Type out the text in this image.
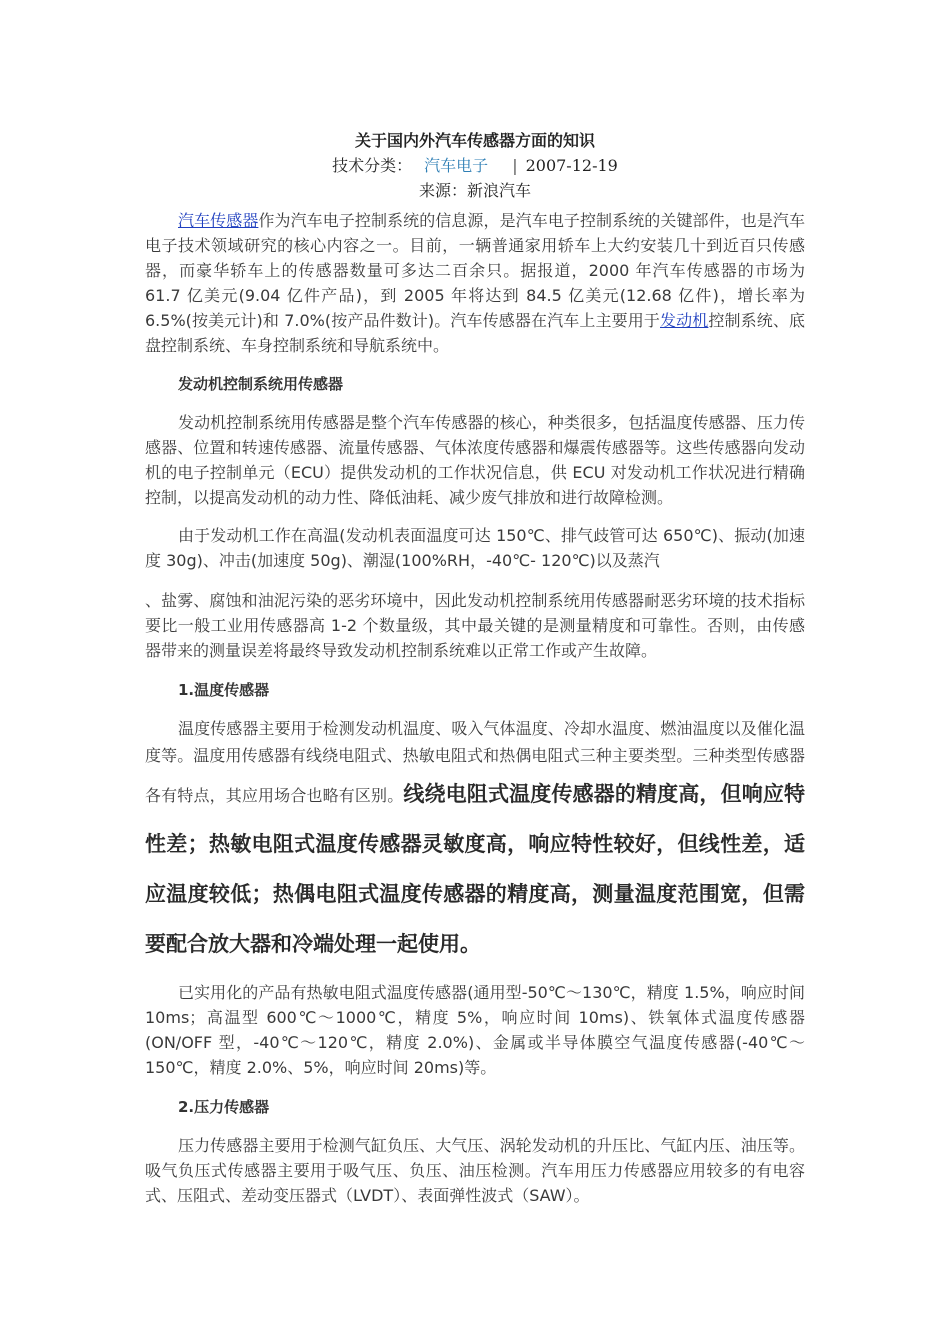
关于国内外汽车传感器方面的知识
技术分类： 汽车电子 | 2007-12-19
来源：新浪汽车

汽车传感器作为汽车电子控制系统的信息源，是汽车电子控制系统的关键部件，也是汽车电子技术领域研究的核心内容之一。目前，一辆普通家用轿车上大约安装几十到近百只传感器，而豪华轿车上的传感器数量可多达二百余只。据报道，2000 年汽车传感器的市场为 61.7 亿美元(9.04 亿件产品)，到 2005 年将达到 84.5 亿美元(12.68 亿件)，增长率为 6.5%(按美元计)和 7.0%(按产品件数计)。汽车传感器在汽车上主要用于发动机控制系统、底盘控制系统、车身控制系统和导航系统中。

发动机控制系统用传感器

发动机控制系统用传感器是整个汽车传感器的核心，种类很多，包括温度传感器、压力传感器、位置和转速传感器、流量传感器、气体浓度传感器和爆震传感器等。这些传感器向发动机的电子控制单元（ECU）提供发动机的工作状况信息，供 ECU 对发动机工作状况进行精确控制，以提高发动机的动力性、降低油耗、减少废气排放和进行故障检测。

由于发动机工作在高温(发动机表面温度可达 150℃、排气歧管可达 650℃)、振动(加速度 30g)、冲击(加速度 50g)、潮湿(100%RH，-40℃- 120℃)以及蒸汽

、盐雾、腐蚀和油泥污染的恶劣环境中，因此发动机控制系统用传感器耐恶劣环境的技术指标要比一般工业用传感器高 1-2 个数量级，其中最关键的是测量精度和可靠性。否则，由传感器带来的测量误差将最终导致发动机控制系统难以正常工作或产生故障。

1.温度传感器

温度传感器主要用于检测发动机温度、吸入气体温度、冷却水温度、燃油温度以及催化温度等。温度用传感器有线绕电阻式、热敏电阻式和热偶电阻式三种主要类型。三种类型传感器各有特点，其应用场合也略有区别。线绕电阻式温度传感器的精度高，但响应特性差；热敏电阻式温度传感器灵敏度高，响应特性较好，但线性差，适应温度较低；热偶电阻式温度传感器的精度高，测量温度范围宽，但需要配合放大器和冷端处理一起使用。

已实用化的产品有热敏电阻式温度传感器(通用型-50℃～130℃，精度 1.5%，响应时间 10ms；高温型 600℃～1000℃，精度 5%，响应时间 10ms)、铁氧体式温度传感器(ON/OFF 型，-40℃～120℃，精度 2.0%)、金属或半导体膜空气温度传感器(-40℃～150℃，精度 2.0%、5%，响应时间 20ms)等。

2.压力传感器

压力传感器主要用于检测气缸负压、大气压、涡轮发动机的升压比、气缸内压、油压等。吸气负压式传感器主要用于吸气压、负压、油压检测。汽车用压力传感器应用较多的有电容式、压阻式、差动变压器式（LVDT）、表面弹性波式（SAW）。
